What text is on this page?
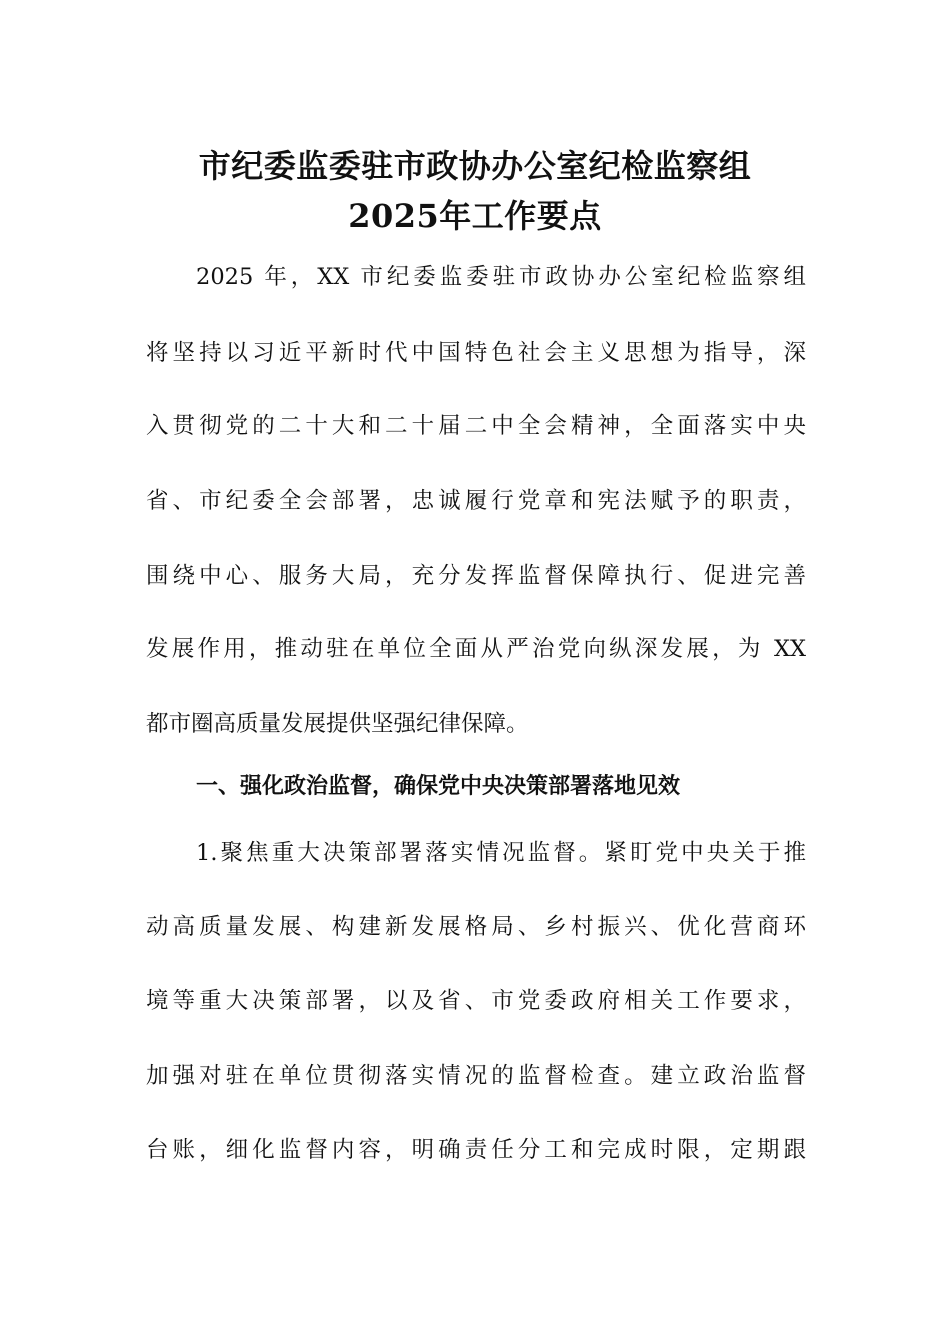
市纪委监委驻市政协办公室纪检监察组
2025年工作要点
2025 年，XX 市纪委监委驻市政协办公室纪检监察组
将坚持以习近平新时代中国特色社会主义思想为指导，深
入贯彻党的二十大和二十届二中全会精神，全面落实中央
省、市纪委全会部署，忠诚履行党章和宪法赋予的职责，
围绕中心、服务大局，充分发挥监督保障执行、促进完善
发展作用，推动驻在单位全面从严治党向纵深发展，为 XX
都市圈高质量发展提供坚强纪律保障。
一、强化政治监督，确保党中央决策部署落地见效
1.聚焦重大决策部署落实情况监督。紧盯党中央关于推
动高质量发展、构建新发展格局、乡村振兴、优化营商环
境等重大决策部署，以及省、市党委政府相关工作要求，
加强对驻在单位贯彻落实情况的监督检查。建立政治监督
台账，细化监督内容，明确责任分工和完成时限，定期跟
